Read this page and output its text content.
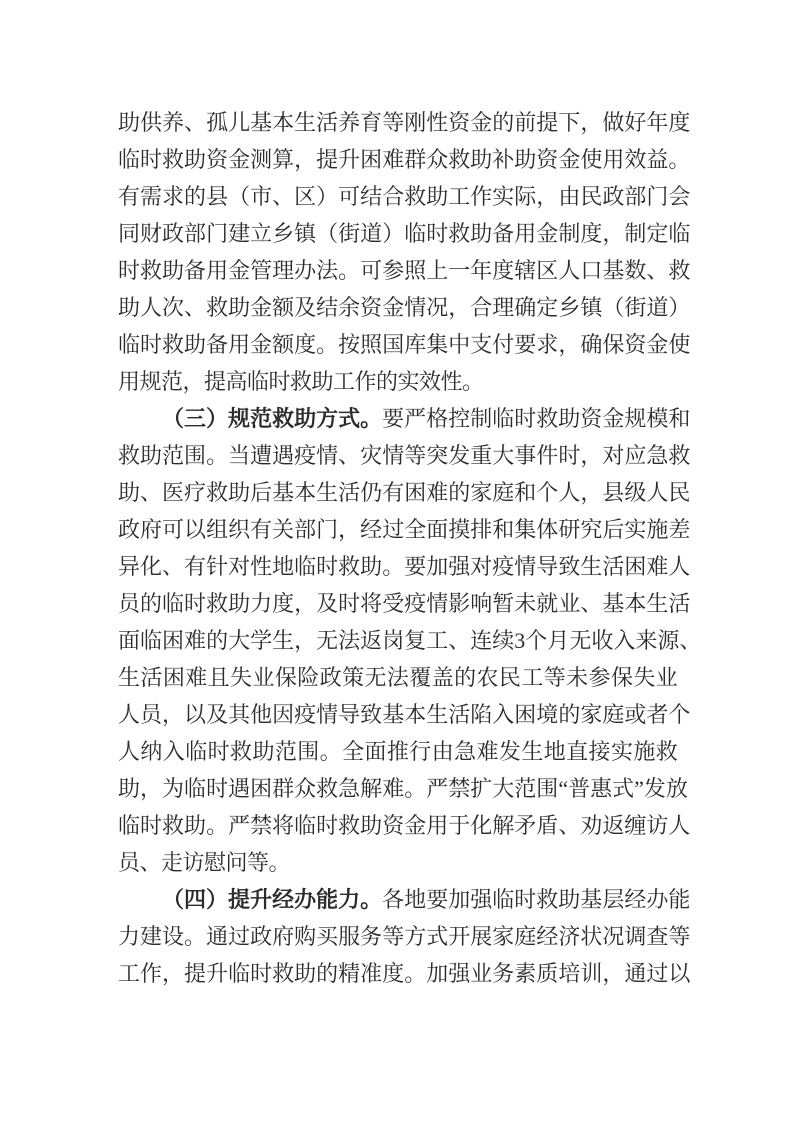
助 供 养 、 孤 儿 基 本 生 活 养 育 等 刚 性 资 金 的 前 提 下 ， 做 好 年 度
临 时 救 助 资 金 测 算 ， 提 升 困 难 群 众 救 助 补 助 资 金 使 用 效 益 。
有 需 求 的 县 （ 市 、 区 ） 可 结 合 救 助 工 作 实 际 ， 由 民 政 部 门 会
同 财 政 部 门 建 立 乡 镇 （ 街 道 ） 临 时 救 助 备 用 金 制 度 ， 制 定 临
时 救 助 备 用 金 管 理 办 法 。 可 参 照 上 一 年 度 辖 区 人 口 基 数 、 救
助 人 次 、 救 助 金 额 及 结 余 资 金 情 况 ， 合 理 确 定 乡 镇 （ 街 道 ）
临 时 救 助 备 用 金 额 度 。 按 照 国 库 集 中 支 付 要 求 ， 确 保 资 金 使
用规范，提高临时救助工作的实效性。
（ 三 ） 规 范 救 助 方 式 。 要 严 格 控 制 临 时 救 助 资 金 规 模 和
救 助 范 围 。 当 遭 遇 疫 情 、 灾 情 等 突 发 重 大 事 件 时 ， 对 应 急 救
助 、 医 疗 救 助 后 基 本 生 活 仍 有 困 难 的 家 庭 和 个 人 ， 县 级 人 民
政 府 可 以 组 织 有 关 部 门 ， 经 过 全 面 摸 排 和 集 体 研 究 后 实 施 差
异 化 、 有 针 对 性 地 临 时 救 助 。 要 加 强 对 疫 情 导 致 生 活 困 难 人
员 的 临 时 救 助 力 度 ， 及 时 将 受 疫 情 影 响 暂 未 就 业 、 基 本 生 活
面 临 困 难 的 大 学 生 ， 无 法 返 岗 复 工 、 连 续 3 个 月 无 收 入 来 源 、
生 活 困 难 且 失 业 保 险 政 策 无 法 覆 盖 的 农 民 工 等 未 参 保 失 业
人 员 ， 以 及 其 他 因 疫 情 导 致 基 本 生 活 陷 入 困 境 的 家 庭 或 者 个
人 纳 入 临 时 救 助 范 围 。 全 面 推 行 由 急 难 发 生 地 直 接 实 施 救
助 ， 为 临 时 遇 困 群 众 救 急 解 难 。 严 禁 扩 大 范 围 “ 普 惠 式 ” 发 放
临 时 救 助 。 严 禁 将 临 时 救 助 资 金 用 于 化 解 矛 盾 、 劝 返 缠 访 人
员、走访慰问等。
（ 四 ） 提 升 经 办 能 力 。 各 地 要 加 强 临 时 救 助 基 层 经 办 能
力 建 设 。 通 过 政 府 购 买 服 务 等 方 式 开 展 家 庭 经 济 状 况 调 查 等
工 作 ， 提 升 临 时 救 助 的 精 准 度 。 加 强 业 务 素 质 培 训 ， 通 过 以
